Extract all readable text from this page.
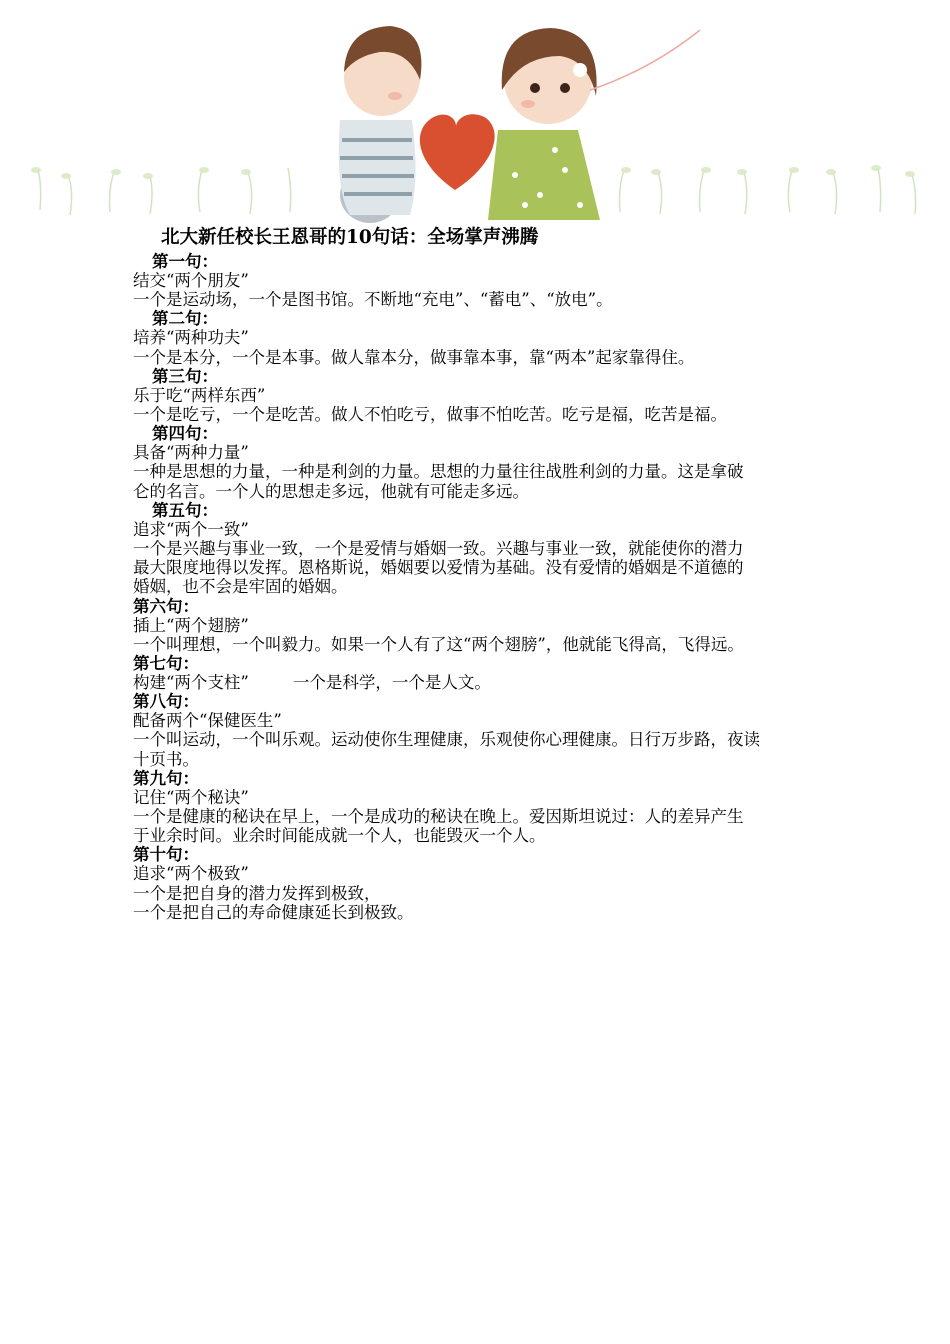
北大新任校长王恩哥的10句话：全场掌声沸腾
第一句：
结交“两个朋友”
一个是运动场，一个是图书馆。不断地“充电”、“蓄电”、“放电”。
第二句：
培养“两种功夫”
一个是本分，一个是本事。做人靠本分，做事靠本事，靠“两本”起家靠得住。
第三句：
乐于吃“两样东西”
一个是吃亏，一个是吃苦。做人不怕吃亏，做事不怕吃苦。吃亏是福，吃苦是福。
第四句：
具备“两种力量”
一种是思想的力量，一种是利剑的力量。思想的力量往往战胜利剑的力量。这是拿破
仑的名言。一个人的思想走多远，他就有可能走多远。
第五句：
追求“两个一致”
一个是兴趣与事业一致，一个是爱情与婚姻一致。兴趣与事业一致，就能使你的潜力
最大限度地得以发挥。恩格斯说，婚姻要以爱情为基础。没有爱情的婚姻是不道德的
婚姻，也不会是牢固的婚姻。
第六句：
插上“两个翅膀”
一个叫理想，一个叫毅力。如果一个人有了这“两个翅膀”，他就能飞得高，飞得远。
第七句：
构建“两个支柱”	一个是科学，一个是人文。
第八句：
配备两个“保健医生”
一个叫运动，一个叫乐观。运动使你生理健康，乐观使你心理健康。日行万步路，夜读
十页书。
第九句：
记住“两个秘诀”
一个是健康的秘诀在早上，一个是成功的秘诀在晚上。爱因斯坦说过：人的差异产生
于业余时间。业余时间能成就一个人，也能毁灭一个人。
第十句：
追求“两个极致”
一个是把自身的潜力发挥到极致，
一个是把自己的寿命健康延长到极致。
